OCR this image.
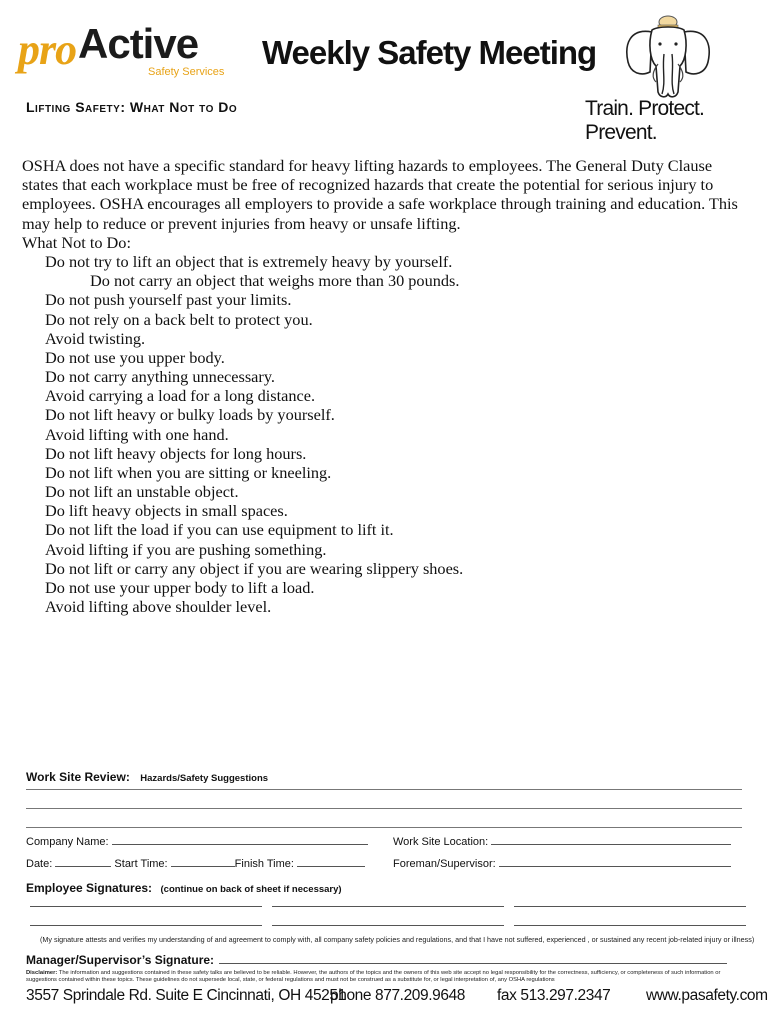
pro Active
Safety Services
Weekly Safety Meeting
Train. Protect. Prevent.
Lifting Safety: What Not to Do

OSHA does not have a specific standard for heavy lifting hazards to employees. The General Duty Clause states that each workplace must be free of recognized hazards that create the potential for serious injury to employees. OSHA encourages all employers to provide a safe workplace through training and education. This may help to reduce or prevent injuries from heavy or unsafe lifting.

What Not to Do:
Do not try to lift an object that is extremely heavy by yourself.
Do not carry an object that weighs more than 30 pounds.
Do not push yourself past your limits.
Do not rely on a back belt to protect you.
Avoid twisting.
Do not use you upper body.
Do not carry anything unnecessary.
Avoid carrying a load for a long distance.
Do not lift heavy or bulky loads by yourself.
Avoid lifting with one hand.
Do not lift heavy objects for long hours.
Do not lift when you are sitting or kneeling.
Do not lift an unstable object.
Do lift heavy objects in small spaces.
Do not lift the load if you can use equipment to lift it.
Avoid lifting if you are pushing something.
Do not lift or carry any object if you are wearing slippery shoes.
Do not use your upper body to lift a load.
Avoid lifting above shoulder level.
Work Site Review: Hazards/Safety Suggestions
Company Name:	Work Site Location:
Date:	Start Time:	Finish Time:	Foreman/Supervisor:
Employee Signatures: (continue on back of sheet if necessary)
(My signature attests and verifies my understanding of and agreement to comply with, all company safety policies and regulations, and that I have not suffered, experienced , or sustained any recent job-related injury or illness)
Manager/Supervisor’s Signature:
Disclaimer: The information and suggestions contained in these safety talks are believed to be reliable. However, the authors of the topics and the owners of this web site accept no legal responsibility for the correctness, sufficiency, or completeness of such information or suggestions contained within these topics. These guidelines do not supersede local, state, or federal regulations and must not be construed as a substitute for, or legal interpretation of, any OSHA regulations
3557 Sprindale Rd. Suite E Cincinnati, OH 45251
phone 877.209.9648 fax 513.297.2347 www.pasafety.com
